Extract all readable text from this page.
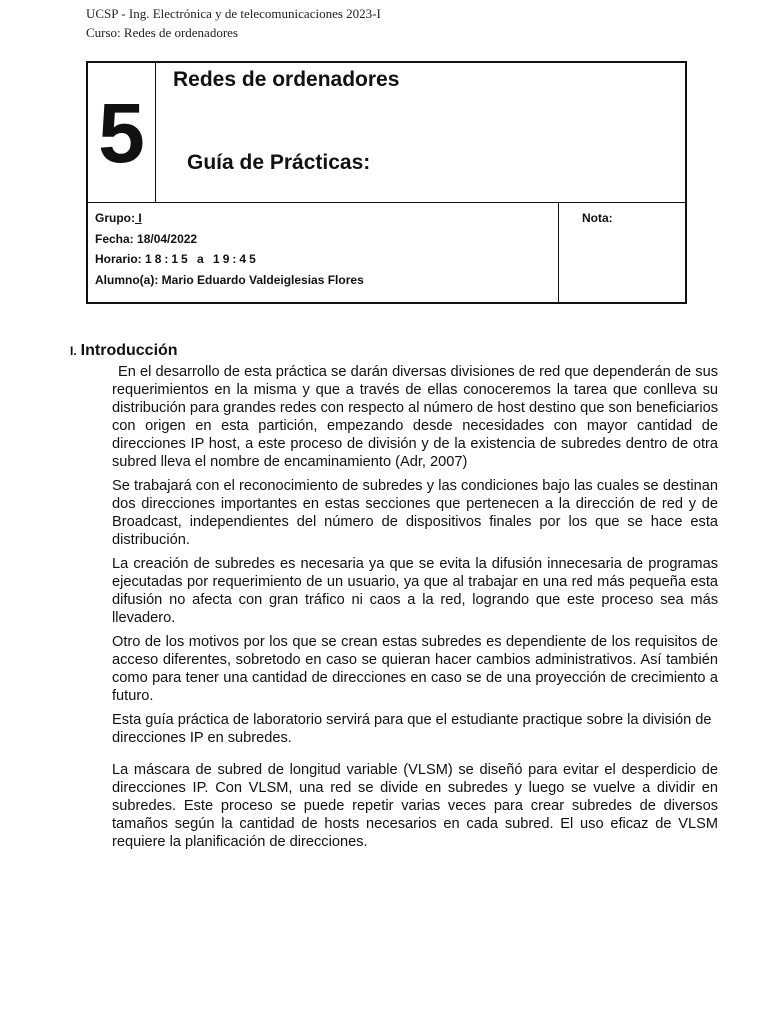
UCSP - Ing. Electrónica y de telecomunicaciones 2023-I
Curso: Redes de ordenadores
5
Redes de ordenadores
Guía de Prácticas:
Grupo: I
Fecha: 18/04/2022
Horario: 18:15 a 19:45
Alumno(a): Mario Eduardo Valdeiglesias Flores
Nota:
I. Introducción

En el desarrollo de esta práctica se darán diversas divisiones de red que dependerán de sus requerimientos en la misma y que a través de ellas conoceremos la tarea que conlleva su distribución para grandes redes con respecto al número de host destino que son beneficiarios con origen en esta partición, empezando desde necesidades con mayor cantidad de direcciones IP host, a este proceso de división y de la existencia de subredes dentro de otra subred lleva el nombre de encaminamiento (Adr, 2007)

Se trabajará con el reconocimiento de subredes y las condiciones bajo las cuales se destinan dos direcciones importantes en estas secciones que pertenecen a la dirección de red y de Broadcast, independientes del número de dispositivos finales por los que se hace esta distribución.

La creación de subredes es necesaria ya que se evita la difusión innecesaria de programas ejecutadas por requerimiento de un usuario, ya que al trabajar en una red más pequeña esta difusión no afecta con gran tráfico ni caos a la red, logrando que este proceso sea más llevadero.

Otro de los motivos por los que se crean estas subredes es dependiente de los requisitos de acceso diferentes, sobretodo en caso se quieran hacer cambios administrativos. Así también como para tener una cantidad de direcciones en caso se de una proyección de crecimiento a futuro.

Esta guía práctica de laboratorio servirá para que el estudiante practique sobre la división de direcciones IP en subredes.

La máscara de subred de longitud variable (VLSM) se diseñó para evitar el desperdicio de direcciones IP. Con VLSM, una red se divide en subredes y luego se vuelve a dividir en subredes. Este proceso se puede repetir varias veces para crear subredes de diversos tamaños según la cantidad de hosts necesarios en cada subred. El uso eficaz de VLSM requiere la planificación de direcciones.
